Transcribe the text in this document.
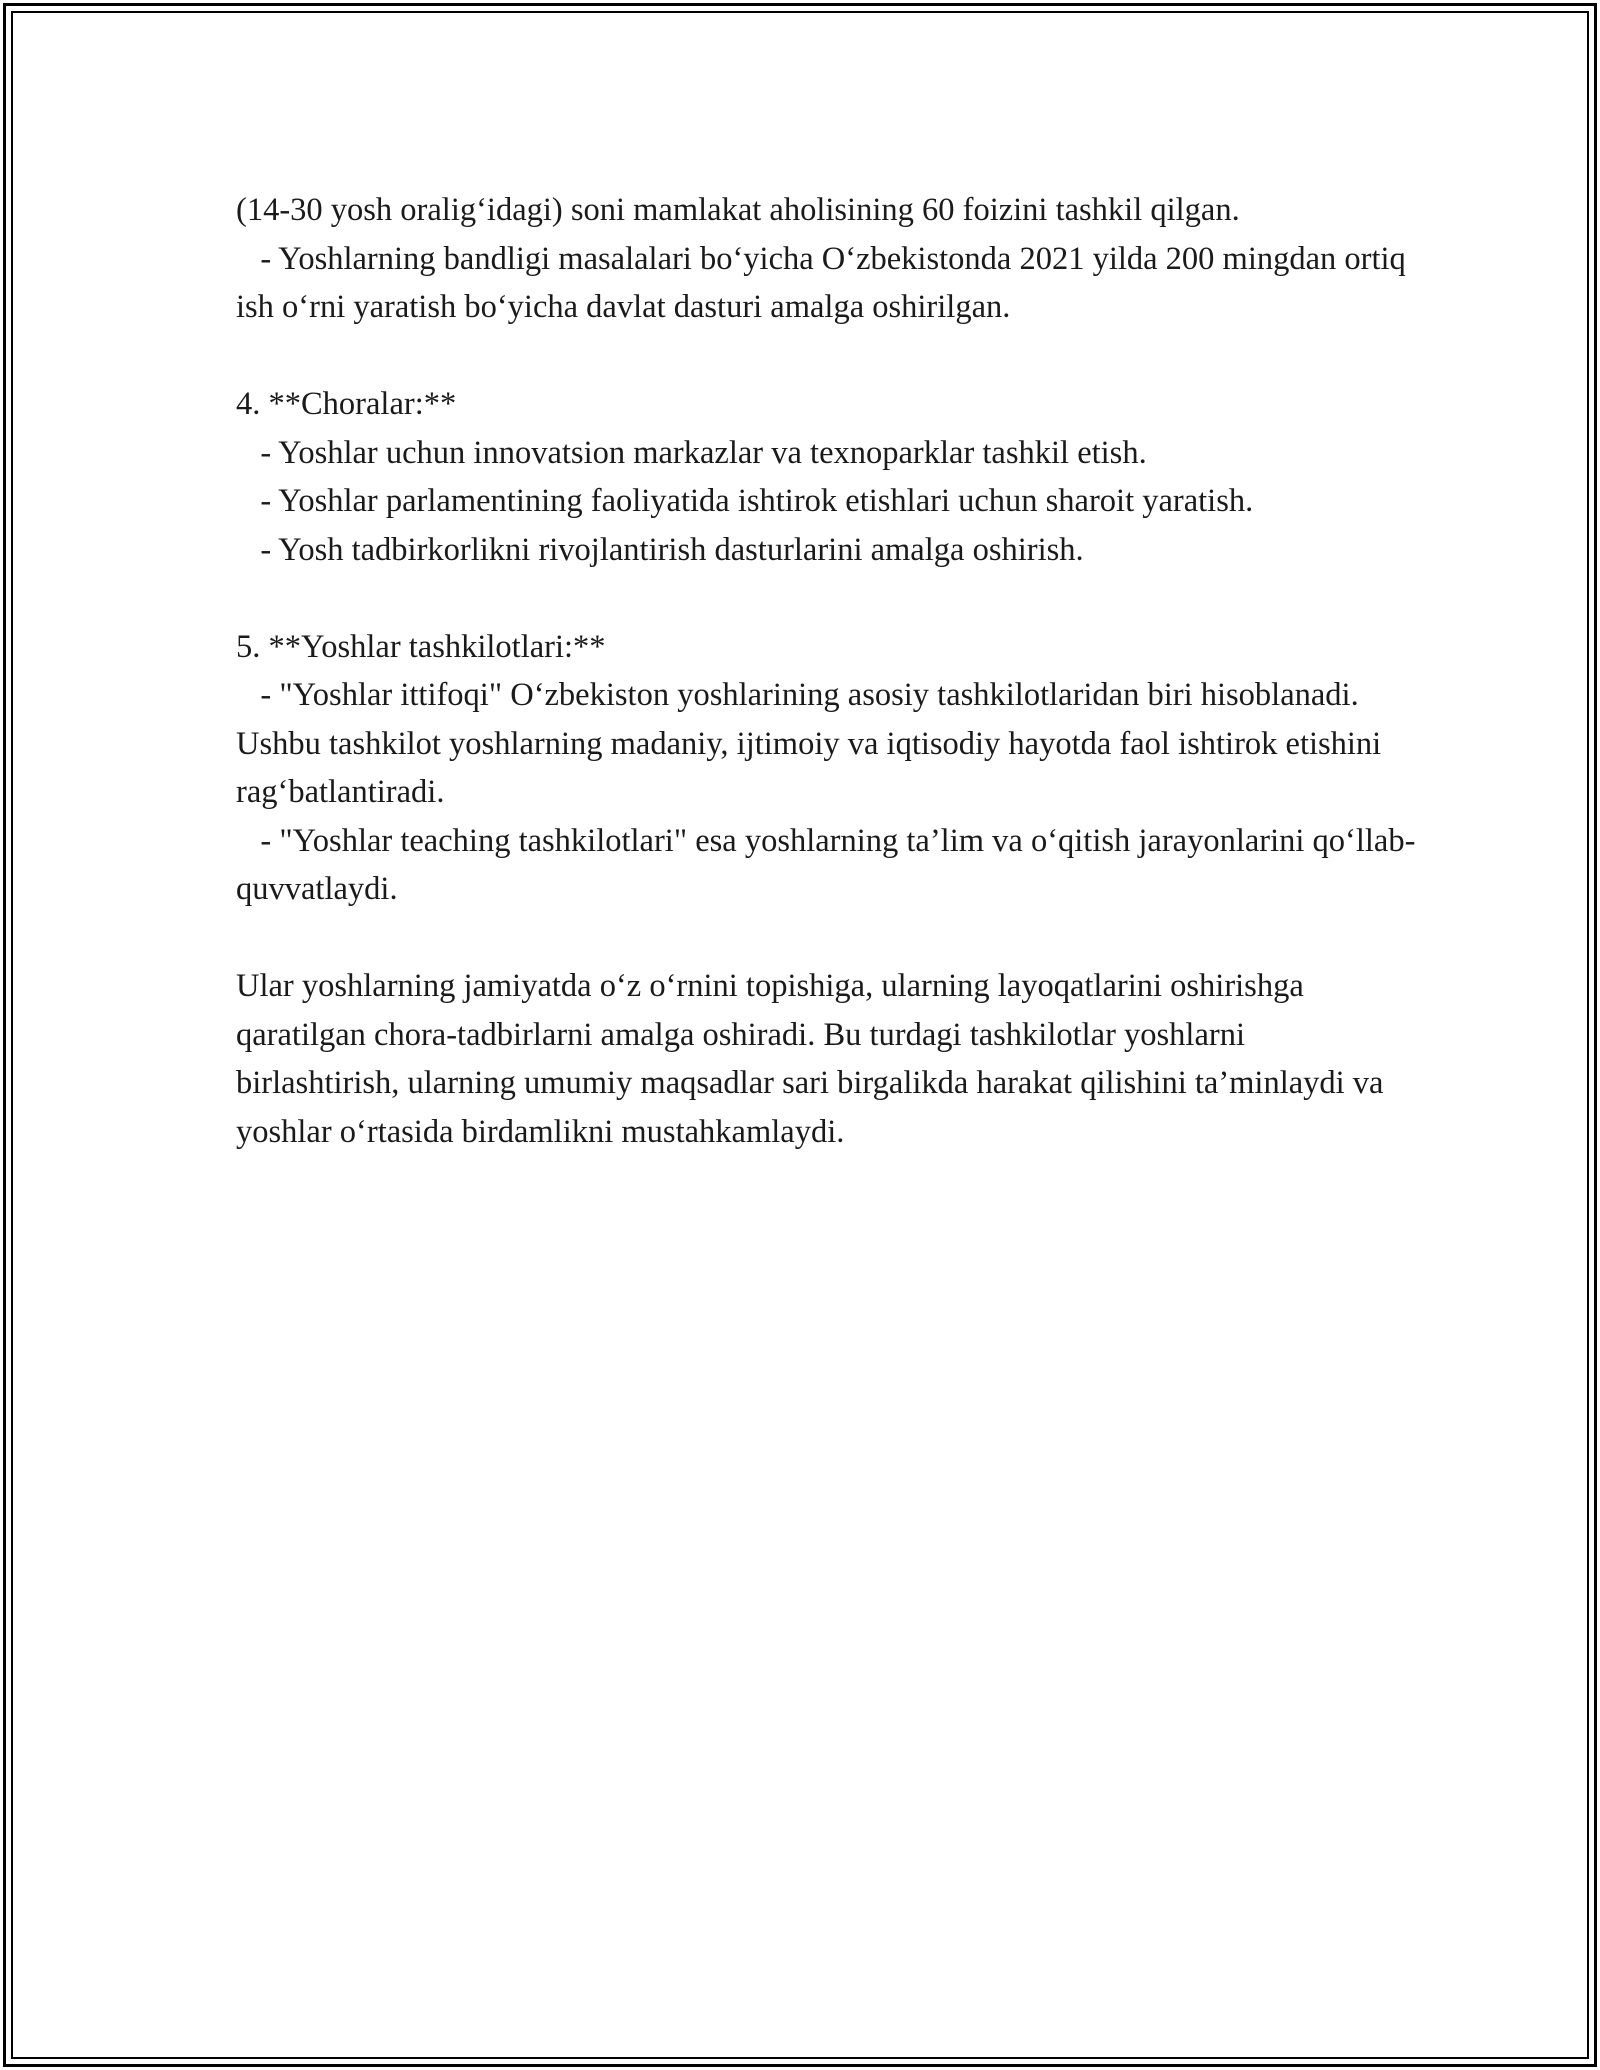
(14-30 yosh oralig‘idagi) soni mamlakat aholisining 60 foizini tashkil qilgan.

- Yoshlarning bandligi masalalari bo‘yicha O‘zbekistonda 2021 yilda 200 mingdan ortiq ish o‘rni yaratish bo‘yicha davlat dasturi amalga oshirilgan.

4. **Choralar:**

- Yoshlar uchun innovatsion markazlar va texnoparklar tashkil etish.

- Yoshlar parlamentining faoliyatida ishtirok etishlari uchun sharoit yaratish.

- Yosh tadbirkorlikni rivojlantirish dasturlarini amalga oshirish.

5. **Yoshlar tashkilotlari:**

- "Yoshlar ittifoqi" O‘zbekiston yoshlarining asosiy tashkilotlaridan biri hisoblanadi. Ushbu tashkilot yoshlarning madaniy, ijtimoiy va iqtisodiy hayotda faol ishtirok etishini rag‘batlantiradi.

- "Yoshlar teaching tashkilotlari" esa yoshlarning ta’lim va o‘qitish jarayonlarini qo‘llab-quvvatlaydi.

Ular yoshlarning jamiyatda o‘z o‘rnini topishiga, ularning layoqatlarini oshirishga qaratilgan chora-tadbirlarni amalga oshiradi. Bu turdagi tashkilotlar yoshlarni birlashtirish, ularning umumiy maqsadlar sari birgalikda harakat qilishini ta’minlaydi va yoshlar o‘rtasida birdamlikni mustahkamlaydi.
